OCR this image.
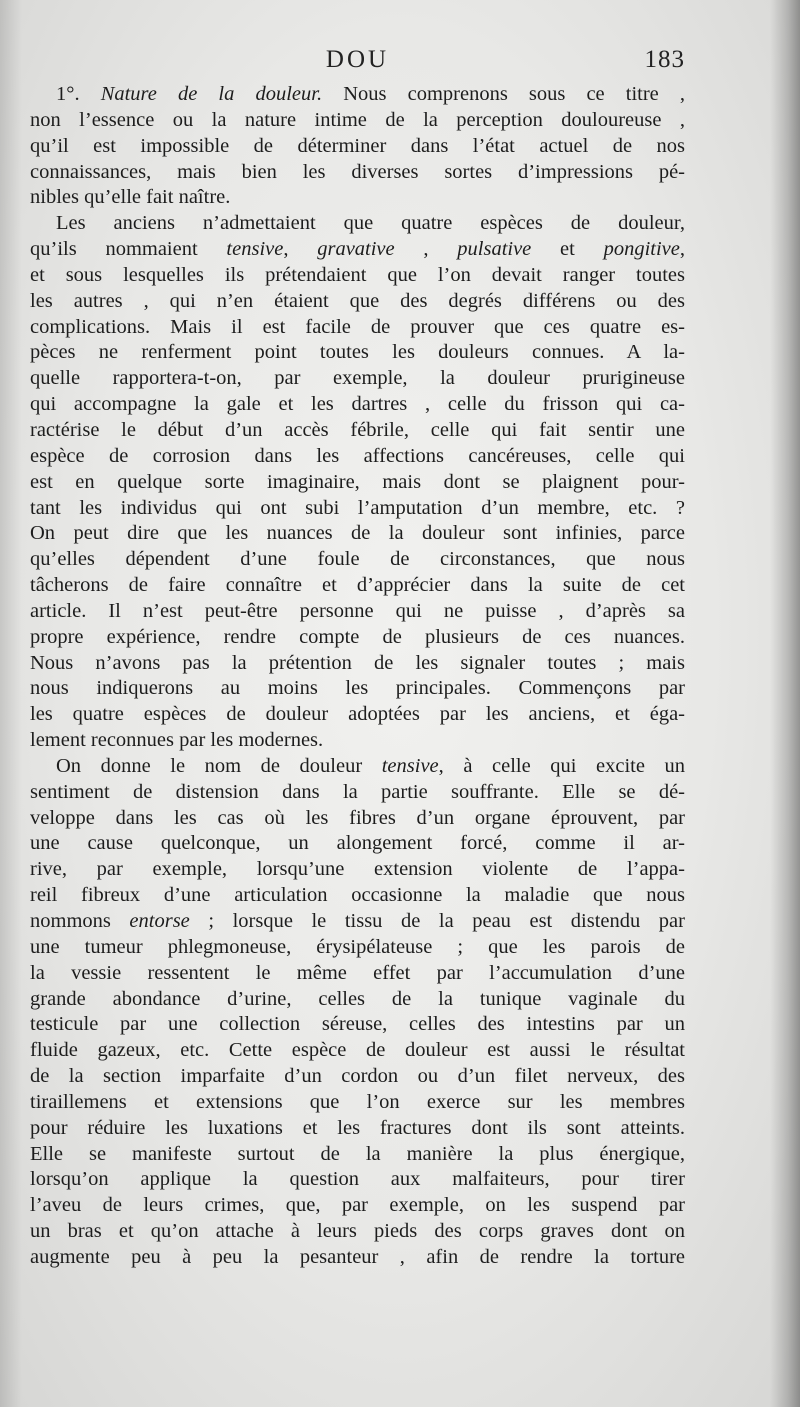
DOU	183
1°. Nature de la douleur. Nous comprenons sous ce titre ,
non l’essence ou la nature intime de la perception douloureuse ,
qu’il est impossible de déterminer dans l’état actuel de nos
connaissances, mais bien les diverses sortes d’impressions pé-
nibles qu’elle fait naître.
Les anciens n’admettaient que quatre espèces de douleur,
qu’ils nommaient tensive, gravative , pulsative et pongitive,
et sous lesquelles ils prétendaient que l’on devait ranger toutes
les autres , qui n’en étaient que des degrés différens ou des
complications. Mais il est facile de prouver que ces quatre es-
pèces ne renferment point toutes les douleurs connues. A la-
quelle rapportera-t-on, par exemple, la douleur prurigineuse
qui accompagne la gale et les dartres , celle du frisson qui ca-
ractérise le début d’un accès fébrile, celle qui fait sentir une
espèce de corrosion dans les affections cancéreuses, celle qui
est en quelque sorte imaginaire, mais dont se plaignent pour-
tant les individus qui ont subi l’amputation d’un membre, etc. ?
On peut dire que les nuances de la douleur sont infinies, parce
qu’elles dépendent d’une foule de circonstances, que nous
tâcherons de faire connaître et d’apprécier dans la suite de cet
article. Il n’est peut-être personne qui ne puisse , d’après sa
propre expérience, rendre compte de plusieurs de ces nuances.
Nous n’avons pas la prétention de les signaler toutes ; mais
nous indiquerons au moins les principales. Commençons par
les quatre espèces de douleur adoptées par les anciens, et éga-
lement reconnues par les modernes.
On donne le nom de douleur tensive, à celle qui excite un
sentiment de distension dans la partie souffrante. Elle se dé-
veloppe dans les cas où les fibres d’un organe éprouvent, par
une cause quelconque, un alongement forcé, comme il ar-
rive, par exemple, lorsqu’une extension violente de l’appa-
reil fibreux d’une articulation occasionne la maladie que nous
nommons entorse ; lorsque le tissu de la peau est distendu par
une tumeur phlegmoneuse, érysipélateuse ; que les parois de
la vessie ressentent le même effet par l’accumulation d’une
grande abondance d’urine, celles de la tunique vaginale du
testicule par une collection séreuse, celles des intestins par un
fluide gazeux, etc. Cette espèce de douleur est aussi le résultat
de la section imparfaite d’un cordon ou d’un filet nerveux, des
tiraillemens et extensions que l’on exerce sur les membres
pour réduire les luxations et les fractures dont ils sont atteints.
Elle se manifeste surtout de la manière la plus énergique,
lorsqu’on applique la question aux malfaiteurs, pour tirer
l’aveu de leurs crimes, que, par exemple, on les suspend par
un bras et qu’on attache à leurs pieds des corps graves dont on
augmente peu à peu la pesanteur , afin de rendre la torture
